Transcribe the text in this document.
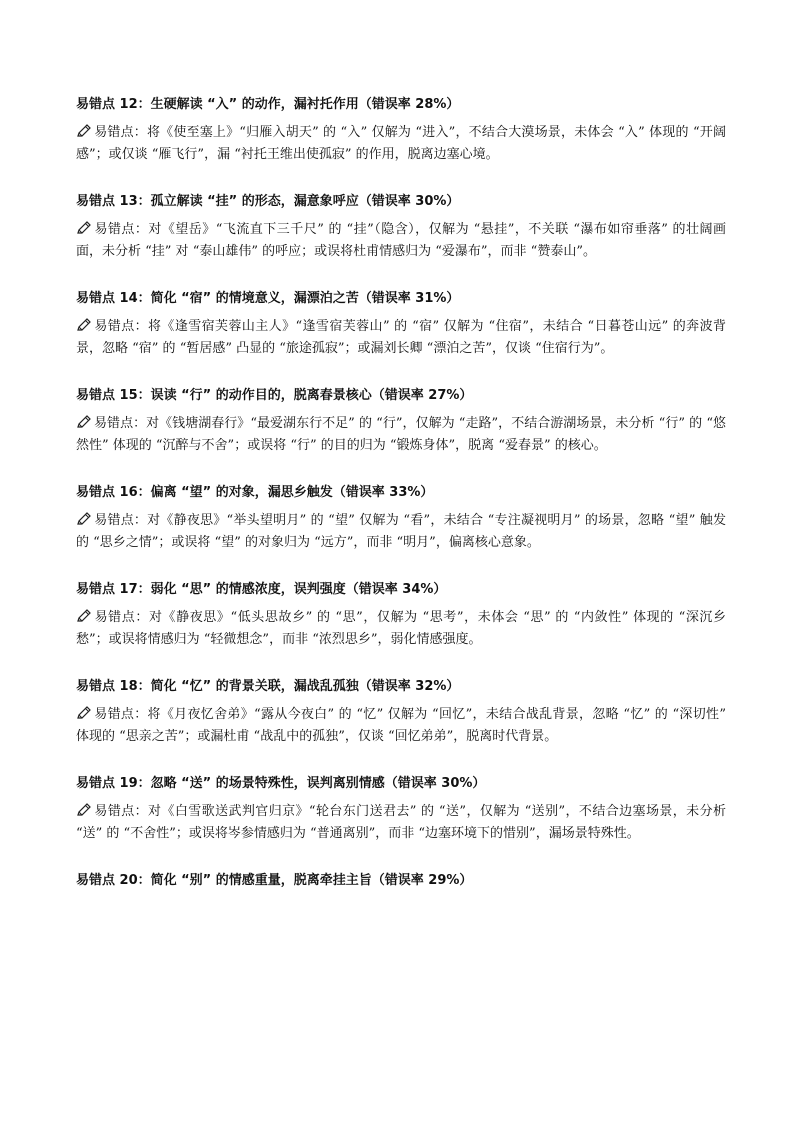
易错点 12：生硬解读 “入” 的动作，漏衬托作用（错误率 28%）

易错点：将《使至塞上》“归雁入胡天” 的 “入” 仅解为 “进入”，不结合大漠场景，未体会 “入” 体现的 “开阔感”；或仅谈 “雁飞行”，漏 “衬托王维出使孤寂” 的作用，脱离边塞心境。

易错点 13：孤立解读 “挂” 的形态，漏意象呼应（错误率 30%）

易错点：对《望岳》“飞流直下三千尺” 的 “挂”（隐含），仅解为 “悬挂”，不关联 “瀑布如帘垂落” 的壮阔画面，未分析 “挂” 对 “泰山雄伟” 的呼应；或误将杜甫情感归为 “爱瀑布”，而非 “赞泰山”。

易错点 14：简化 “宿” 的情境意义，漏漂泊之苦（错误率 31%）

易错点：将《逢雪宿芙蓉山主人》“逢雪宿芙蓉山” 的 “宿” 仅解为 “住宿”，未结合 “日暮苍山远” 的奔波背景，忽略 “宿” 的 “暂居感” 凸显的 “旅途孤寂”；或漏刘长卿 “漂泊之苦”，仅谈 “住宿行为”。

易错点 15：误读 “行” 的动作目的，脱离春景核心（错误率 27%）

易错点：对《钱塘湖春行》“最爱湖东行不足” 的 “行”，仅解为 “走路”，不结合游湖场景，未分析 “行” 的 “悠然性” 体现的 “沉醉与不舍”；或误将 “行” 的目的归为 “锻炼身体”，脱离 “爱春景” 的核心。

易错点 16：偏离 “望” 的对象，漏思乡触发（错误率 33%）

易错点：对《静夜思》“举头望明月” 的 “望” 仅解为 “看”，未结合 “专注凝视明月” 的场景，忽略 “望” 触发的 “思乡之情”；或误将 “望” 的对象归为 “远方”，而非 “明月”，偏离核心意象。

易错点 17：弱化 “思” 的情感浓度，误判强度（错误率 34%）

易错点：对《静夜思》“低头思故乡” 的 “思”，仅解为 “思考”，未体会 “思” 的 “内敛性” 体现的 “深沉乡愁”；或误将情感归为 “轻微想念”，而非 “浓烈思乡”，弱化情感强度。

易错点 18：简化 “忆” 的背景关联，漏战乱孤独（错误率 32%）

易错点：将《月夜忆舍弟》“露从今夜白” 的 “忆” 仅解为 “回忆”，未结合战乱背景，忽略 “忆” 的 “深切性” 体现的 “思亲之苦”；或漏杜甫 “战乱中的孤独”，仅谈 “回忆弟弟”，脱离时代背景。

易错点 19：忽略 “送” 的场景特殊性，误判离别情感（错误率 30%）

易错点：对《白雪歌送武判官归京》“轮台东门送君去” 的 “送”，仅解为 “送别”，不结合边塞场景，未分析 “送” 的 “不舍性”；或误将岑参情感归为 “普通离别”，而非 “边塞环境下的惜别”，漏场景特殊性。

易错点 20：简化 “别” 的情感重量，脱离牵挂主旨（错误率 29%）
